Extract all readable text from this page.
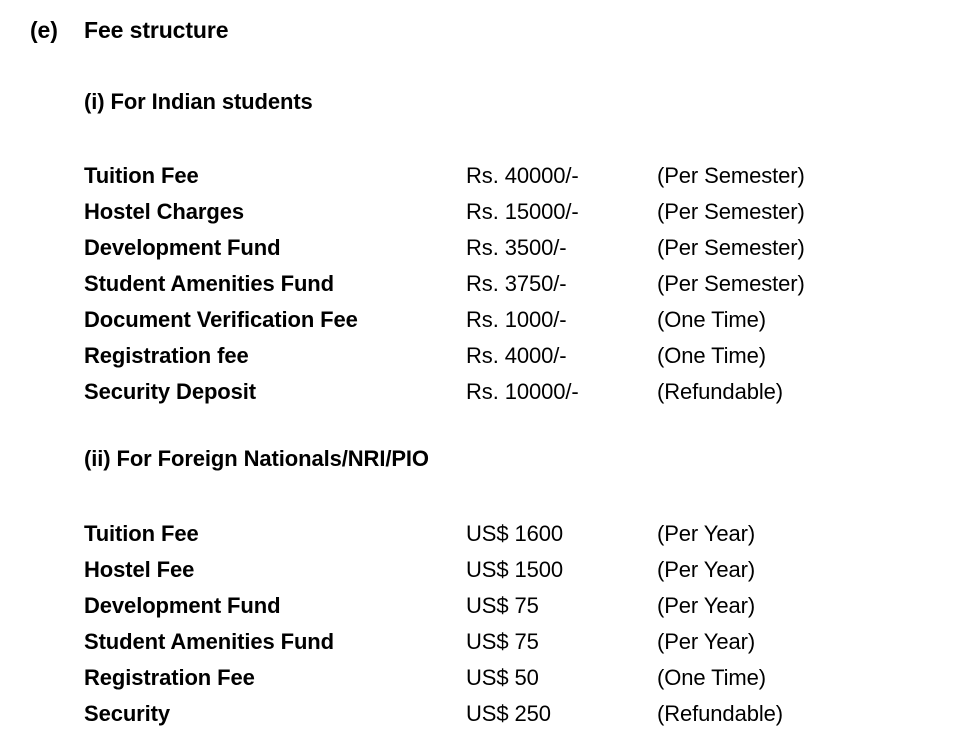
(e) Fee structure
(i) For Indian students
Tuition Fee	Rs. 40000/-	(Per Semester)
Hostel Charges	Rs. 15000/-	(Per Semester)
Development Fund	Rs. 3500/-	(Per Semester)
Student Amenities Fund	Rs. 3750/-	(Per Semester)
Document Verification Fee	Rs. 1000/-	(One Time)
Registration fee	Rs. 4000/-	(One Time)
Security Deposit	Rs. 10000/-	(Refundable)
(ii) For Foreign Nationals/NRI/PIO
Tuition Fee	US$ 1600	(Per Year)
Hostel Fee	US$ 1500	(Per Year)
Development Fund	US$ 75	(Per Year)
Student Amenities Fund	US$ 75	(Per Year)
Registration Fee	US$ 50	(One Time)
Security	US$ 250	(Refundable)
